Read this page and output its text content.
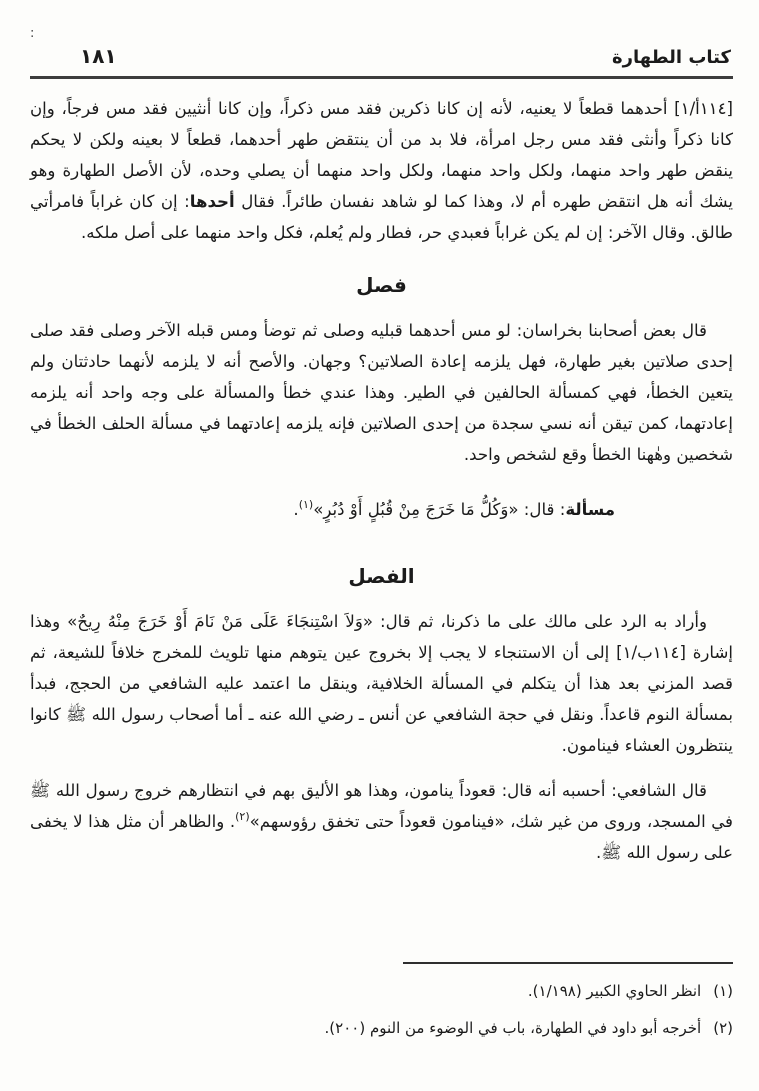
:
كتاب الطهارة
١٨١

[١١٤أ/١] أحدهما قطعاً لا يعنيه، لأنه إن كانا ذكرين فقد مس ذكراً، وإن كانا أنثيين فقد مس فرجاً، وإن كانا ذكراً وأنثى فقد مس رجل امرأة، فلا بد من أن ينتقض طهر أحدهما، قطعاً لا بعينه ولكن لا يحكم ينقض طهر واحد منهما، ولكل واحد منهما، ولكل واحد منهما أن يصلي وحده، لأن الأصل الطهارة وهو يشك أنه هل انتقض طهره أم لا، وهذا كما لو شاهد نفسان طائراً. فقال أحدها: إن كان غراباً فامرأتي طالق. وقال الآخر: إن لم يكن غراباً فعبدي حر، فطار ولم يُعلم، فكل واحد منهما على أصل ملكه.

فصل

قال بعض أصحابنا بخراسان: لو مس أحدهما قبليه وصلى ثم توضأ ومس قبله الآخر وصلى فقد صلى إحدى صلاتين بغير طهارة، فهل يلزمه إعادة الصلاتين؟ وجهان. والأصح أنه لا يلزمه لأنهما حادثتان ولم يتعين الخطأ، فهي كمسألة الحالفين في الطير. وهذا عندي خطأ والمسألة على وجه واحد أنه يلزمه إعادتهما، كمن تيقن أنه نسي سجدة من إحدى الصلاتين فإنه يلزمه إعادتهما في مسألة الحلف الخطأ في شخصين وهٰهنا الخطأ وقع لشخص واحد.

مسألة: قال: «وَكُلُّ مَا خَرَجَ مِنْ قُبُلٍ أَوْ دُبُرٍ»$^{(١)}$.

الفصل

وأراد به الرد على مالك على ما ذكرنا، ثم قال: «وَلاَ اسْتِنجَاءَ عَلَى مَنْ نَامَ أَوْ خَرَجَ مِنْهُ رِيحٌ» وهذا إشارة [١١٤ب/١] إلى أن الاستنجاء لا يجب إلا بخروج عين يتوهم منها تلويث للمخرج خلافاً للشيعة، ثم قصد المزني بعد هذا أن يتكلم في المسألة الخلافية، وينقل ما اعتمد عليه الشافعي من الحجج، فبدأ بمسألة النوم قاعداً. ونقل في حجة الشافعي عن أنس ـ رضي الله عنه ـ أما أصحاب رسول الله ﷺ كانوا ينتظرون العشاء فينامون.

قال الشافعي: أحسبه أنه قال: قعوداً ينامون، وهذا هو الأليق بهم في انتظارهم خروج رسول الله ﷺ في المسجد، وروى من غير شك، «فينامون قعوداً حتى تخفق رؤوسهم»$^{(٢)}$. والظاهر أن مثل هذا لا يخفى على رسول الله ﷺ.

(١)
انظر الحاوي الكبير (١/١٩٨).
(٢)
أخرجه أبو داود في الطهارة، باب في الوضوء من النوم (٢٠٠).
